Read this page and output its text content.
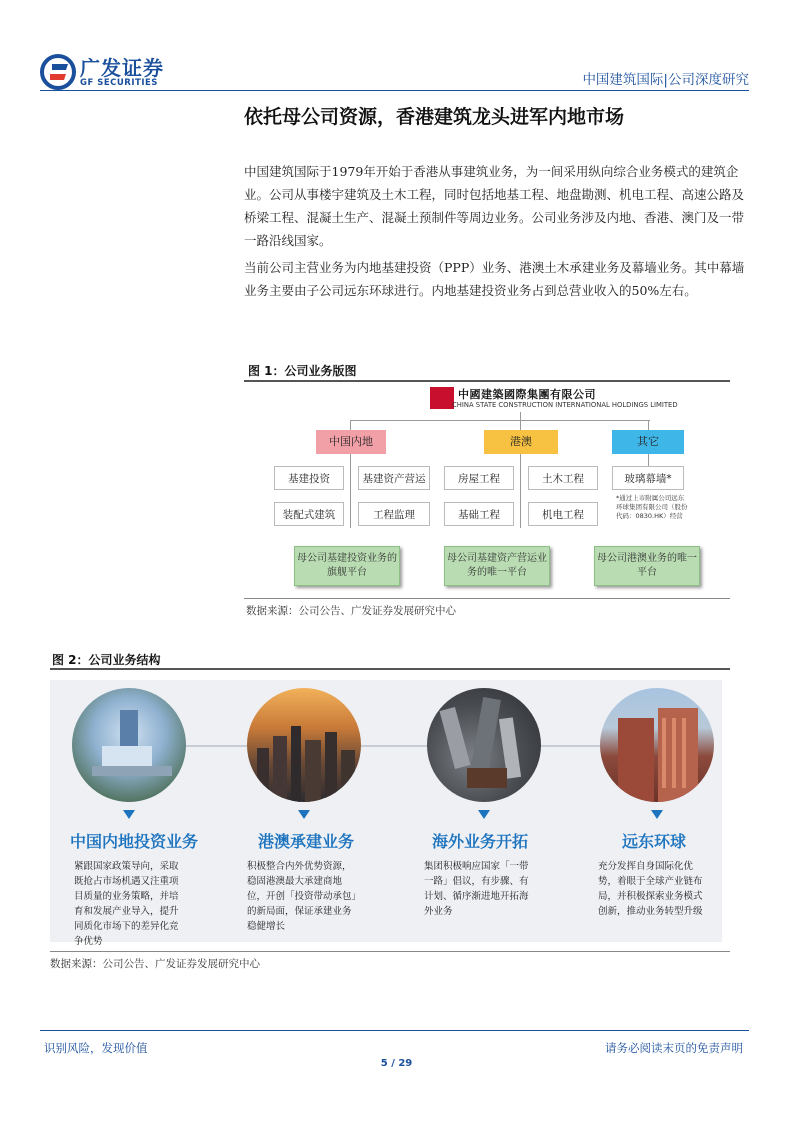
广发证券
GF SECURITIES	中国建筑国际|公司深度研究
依托母公司资源，香港建筑龙头进军内地市场
中国建筑国际于1979年开始于香港从事建筑业务，为一间采用纵向综合业务模式的建筑企业。公司从事楼宇建筑及土木工程，同时包括地基工程、地盘勘测、机电工程、高速公路及桥梁工程、混凝土生产、混凝土预制件等周边业务。公司业务涉及内地、香港、澳门及一带一路沿线国家。
当前公司主营业务为内地基建投资（PPP）业务、港澳土木承建业务及幕墙业务。其中幕墙业务主要由子公司远东环球进行。内地基建投资业务占到总营业收入的50%左右。
图 1：公司业务版图
中國建築國際集團有限公司
CHINA STATE CONSTRUCTION INTERNATIONAL HOLDINGS LIMITED
中国内地	港澳	其它
基建投资	基建资产营运
装配式建筑	工程监理
房屋工程	土木工程
基础工程	机电工程
玻璃幕墙*
*通过上市附属公司远东环球集团有限公司（股份代码：0830.HK）经营
母公司基建投资业务的旗舰平台
母公司基建资产营运业务的唯一平台
母公司港澳业务的唯一平台
数据来源：公司公告、广发证券发展研究中心
图 2：公司业务结构
中国内地投资业务	港澳承建业务	海外业务开拓	远东环球
紧跟国家政策导向，采取既抢占市场机遇又注重项目质量的业务策略，并培育和发展产业导入，提升同质化市场下的差异化竞争优势
积极整合内外优势资源，稳固港澳最大承建商地位，开创「投资带动承包」的新局面，保证承建业务稳健增长
集团积极响应国家「一带一路」倡议，有步骤、有计划、循序渐进地开拓海外业务
充分发挥自身国际化优势，着眼于全球产业链布局，并积极探索业务模式创新，推动业务转型升级
数据来源：公司公告、广发证券发展研究中心
识别风险，发现价值	请务必阅读末页的免责声明
5 / 29
